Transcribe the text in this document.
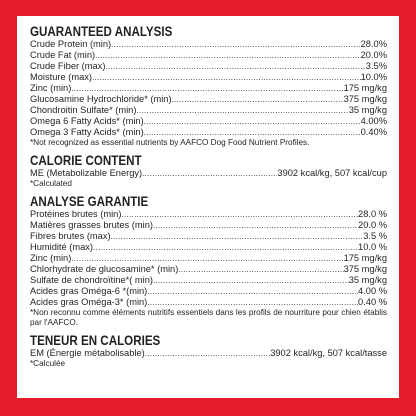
GUARANTEED ANALYSIS
Crude Protein (min) .....	28.0%
Crude Fat (min) .....	20.0%
Crude Fiber (max) .....	3.5%
Moisture (max) .....	10.0%
Zinc (min) .....	175 mg/kg
Glucosamine Hydrochloride* (min) .....	375 mg/kg
Chondroitin Sulfate* (min) .....	35 mg/kg
Omega 6 Fatty Acids* (min) .....	4.00%
Omega 3 Fatty Acids* (min) .....	0.40%
*Not recognized as essential nutrients by AAFCO Dog Food Nutrient Profiles.
CALORIE CONTENT
ME (Metabolizable Energy) .....	3902 kcal/kg, 507 kcal/cup
*Calculated
ANALYSE GARANTIE
Protéines brutes (min) .....	28.0 %
Matières grasses brutes (min) .....	20.0 %
Fibres brutes (max) .....	3.5 %
Humidité (max) .....	10.0 %
Zinc (min) .....	175 mg/kg
Chlorhydrate de glucosamine* (min) .....	375 mg/kg
Sulfate de chondroïtine*( min) .....	35 mg/kg
Acides gras Oméga-6 *(min) .....	4.00 %
Acides gras Oméga-3* (min) .....	0.40 %
*Non reconnu comme éléments nutritifs essentiels dans les profils de nourriture pour chien établis par l'AAFCO.
TENEUR EN CALORIES
EM (Énergie métabolisable) .....	3902 kcal/kg, 507 kcal/tasse
*Calculée
